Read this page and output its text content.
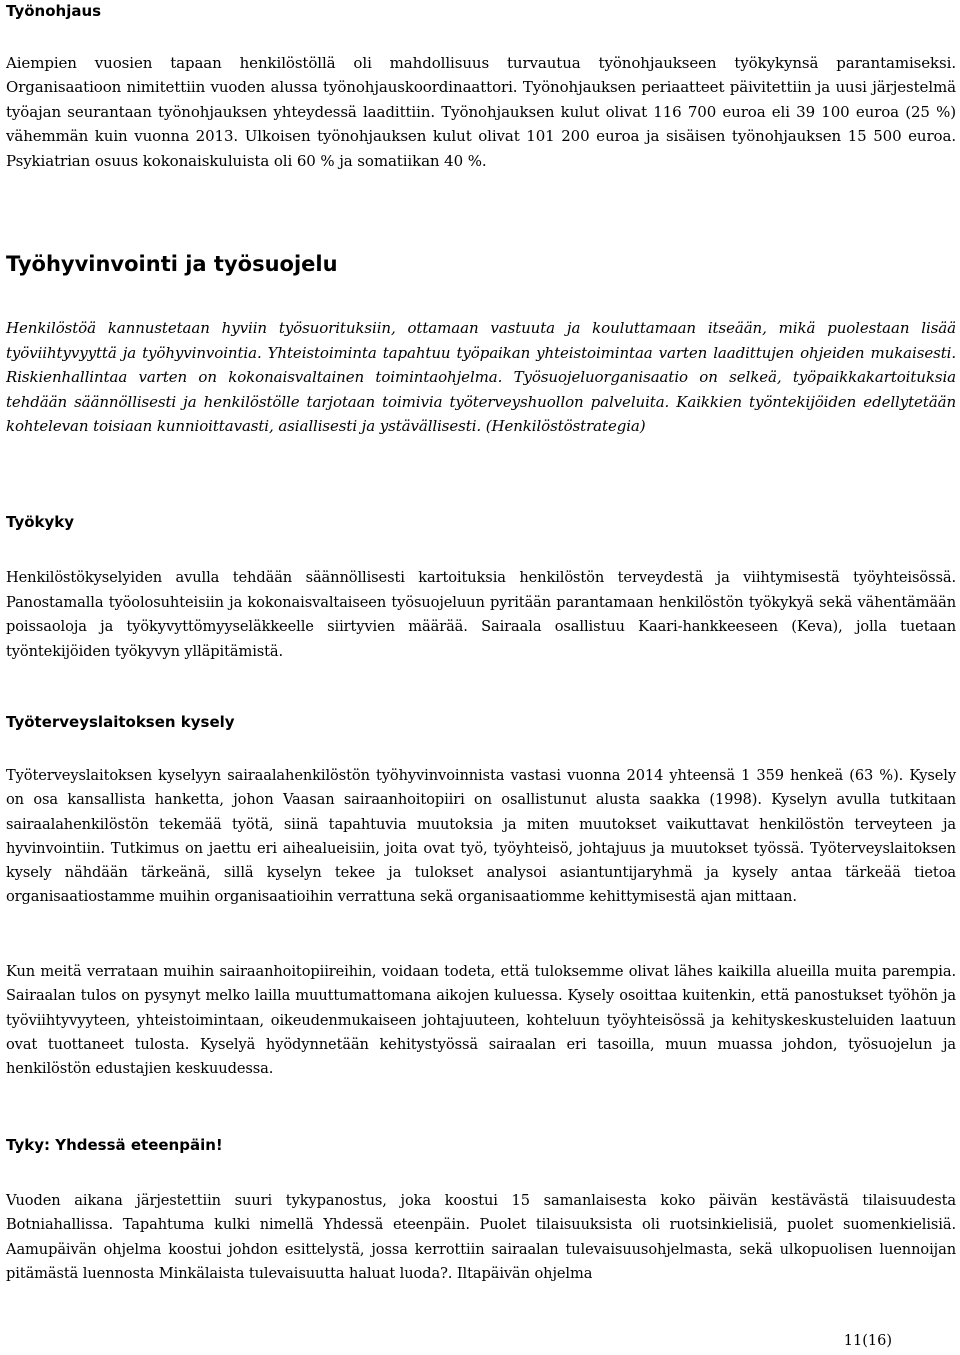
Työnohjaus

Aiempien vuosien tapaan henkilöstöllä oli mahdollisuus turvautua työnohjaukseen työkykynsä parantamiseksi. Organisaatioon nimitettiin vuoden alussa työnohjauskoordinaattori. Työnohjauksen periaatteet päivitettiin ja uusi järjestelmä työajan seurantaan työnohjauksen yhteydessä laadittiin. Työnohjauksen kulut olivat 116 700 euroa eli 39 100 euroa (25 %) vähemmän kuin vuonna 2013. Ulkoisen työnohjauksen kulut olivat 101 200 euroa ja sisäisen työnohjauksen 15 500 euroa. Psykiatrian osuus kokonaiskuluista oli 60 % ja somatiikan 40 %.

Työhyvinvointi ja työsuojelu

Henkilöstöä kannustetaan hyviin työsuorituksiin, ottamaan vastuuta ja kouluttamaan itseään, mikä puolestaan lisää työviihtyvyyttä ja työhyvinvointia. Yhteistoiminta tapahtuu työpaikan yhteistoimintaa varten laadittujen ohjeiden mukaisesti. Riskienhallintaa varten on kokonaisvaltainen toimintaohjelma. Työsuojeluorganisaatio on selkeä, työpaikkakartoituksia tehdään säännöllisesti ja henkilöstölle tarjotaan toimivia työterveyshuollon palveluita. Kaikkien työntekijöiden edellytetään kohtelevan toisiaan kunnioittavasti, asiallisesti ja ystävällisesti. (Henkilöstöstrategia)

Työkyky

Henkilöstökyselyiden avulla tehdään säännöllisesti kartoituksia henkilöstön terveydestä ja viihtymisestä työyhteisössä. Panostamalla työolosuhteisiin ja kokonaisvaltaiseen työsuojeluun pyritään parantamaan henkilöstön työkykyä sekä vähentämään poissaoloja ja työkyvyttömyyseläkkeelle siirtyvien määrää. Sairaala osallistuu Kaari-hankkeeseen (Keva), jolla tuetaan työntekijöiden työkyvyn ylläpitämistä.

Työterveyslaitoksen kysely

Työterveyslaitoksen kyselyyn sairaalahenkilöstön työhyvinvoinnista vastasi vuonna 2014 yhteensä 1 359 henkeä (63 %). Kysely on osa kansallista hanketta, johon Vaasan sairaanhoitopiiri on osallistunut alusta saakka (1998). Kyselyn avulla tutkitaan sairaalahenkilöstön tekemää työtä, siinä tapahtuvia muutoksia ja miten muutokset vaikuttavat henkilöstön terveyteen ja hyvinvointiin. Tutkimus on jaettu eri aihealueisiin, joita ovat työ, työyhteisö, johtajuus ja muutokset työssä. Työterveyslaitoksen kysely nähdään tärkeänä, sillä kyselyn tekee ja tulokset analysoi asiantuntijaryhmä ja kysely antaa tärkeää tietoa organisaatiostamme muihin organisaatioihin verrattuna sekä organisaatiomme kehittymisestä ajan mittaan.

Kun meitä verrataan muihin sairaanhoitopiireihin, voidaan todeta, että tuloksemme olivat lähes kaikilla alueilla muita parempia. Sairaalan tulos on pysynyt melko lailla muuttumattomana aikojen kuluessa. Kysely osoittaa kuitenkin, että panostukset työhön ja työviihtyvyyteen, yhteistoimintaan, oikeudenmukaiseen johtajuuteen, kohteluun työyhteisössä ja kehityskeskusteluiden laatuun ovat tuottaneet tulosta. Kyselyä hyödynnetään kehitystyössä sairaalan eri tasoilla, muun muassa johdon, työsuojelun ja henkilöstön edustajien keskuudessa.

Tyky: Yhdessä eteenpäin!

Vuoden aikana järjestettiin suuri tykypanostus, joka koostui 15 samanlaisesta koko päivän kestävästä tilaisuudesta Botniahallissa. Tapahtuma kulki nimellä Yhdessä eteenpäin. Puolet tilaisuuksista oli ruotsinkielisiä, puolet suomenkielisiä. Aamupäivän ohjelma koostui johdon esittelystä, jossa kerrottiin sairaalan tulevaisuusohjelmasta, sekä ulkopuolisen luennoijan pitämästä luennosta Minkälaista tulevaisuutta haluat luoda?. Iltapäivän ohjelma

11(16)
